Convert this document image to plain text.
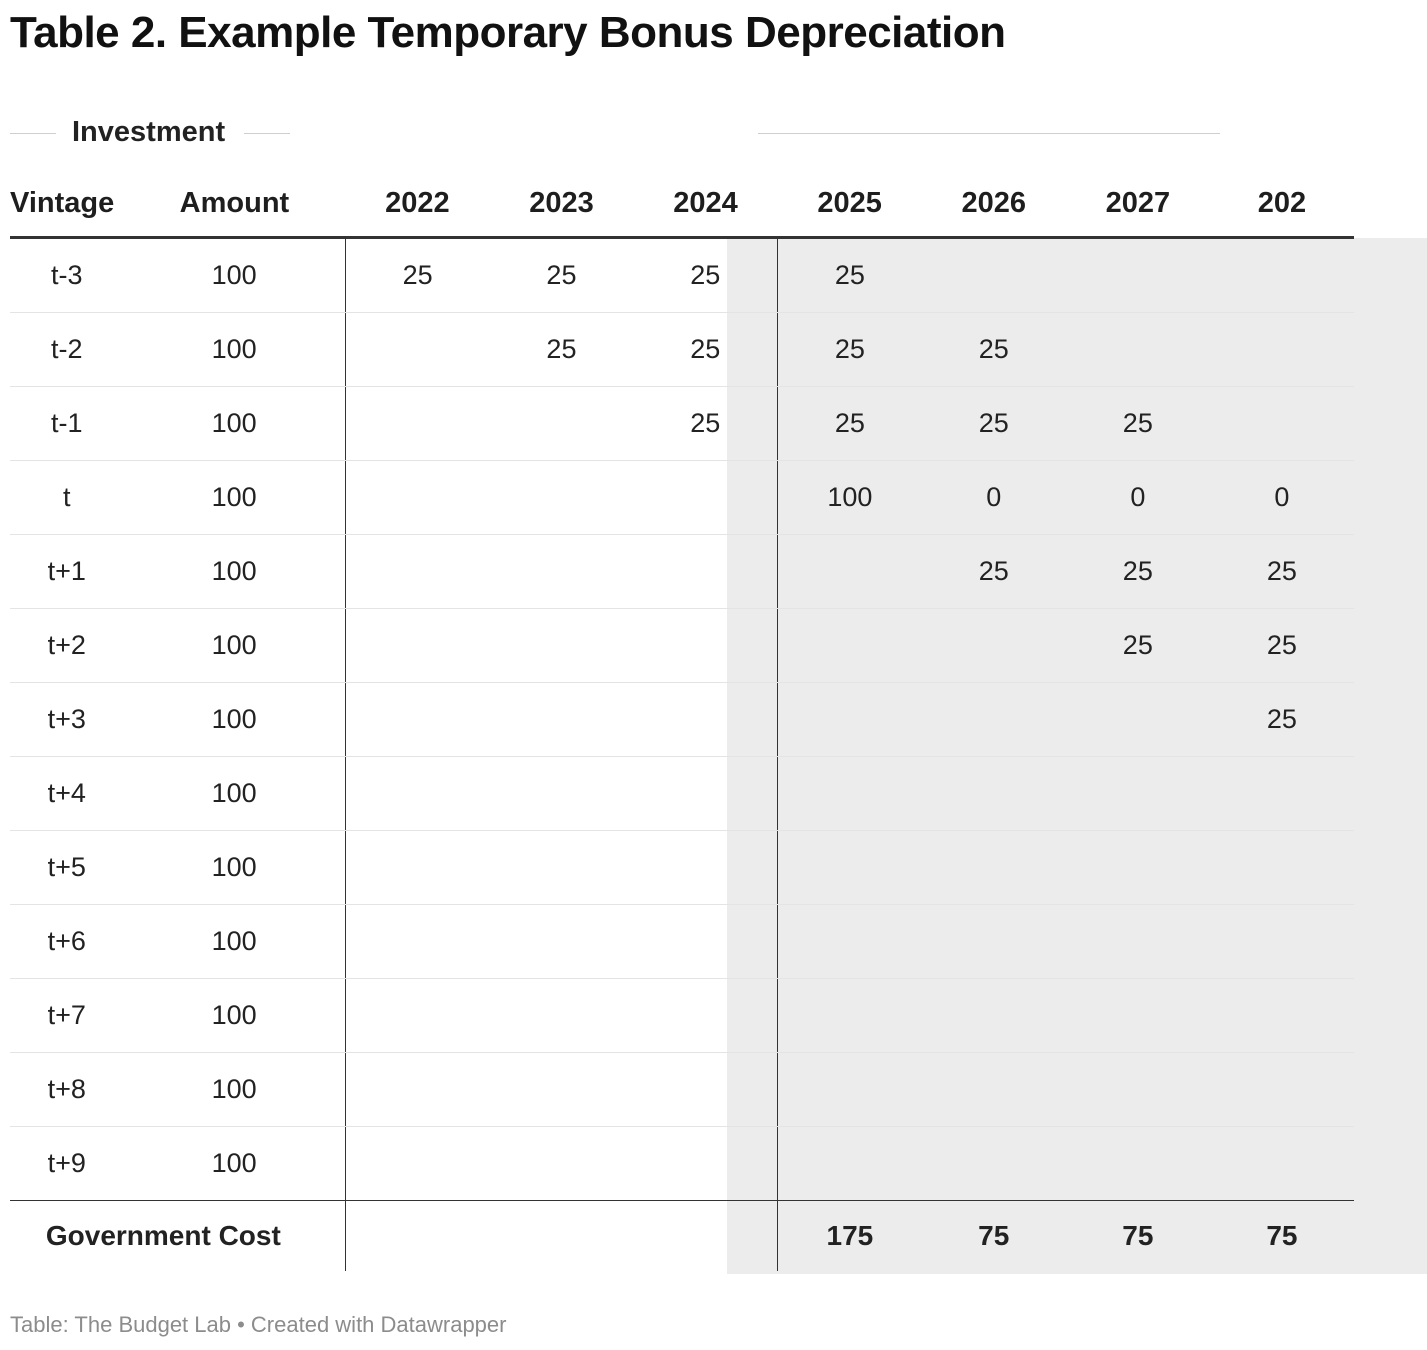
Table 2. Example Temporary Bonus Depreciation
Investment
Vintage	Amount	2022	2023	2024	2025	2026	2027	202
t-3	100	25	25	25	25			
t-2	100		25	25	25	25		
t-1	100			25	25	25	25	
t	100				100	0	0	0
t+1	100					25	25	25
t+2	100						25	25
t+3	100							25
t+4	100							
t+5	100							
t+6	100							
t+7	100							
t+8	100							
t+9	100							
Government Cost					175	75	75	75
Table: The Budget Lab • Created with Datawrapper
